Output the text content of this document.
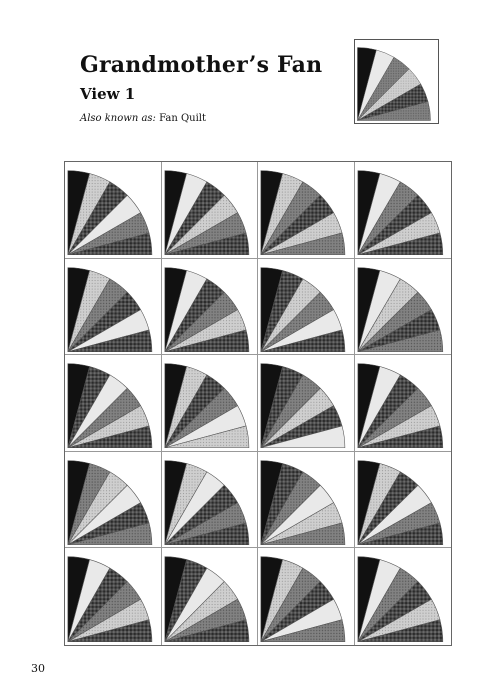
Grandmother’s Fan
View 1

Also known as: Fan Quilt

30
